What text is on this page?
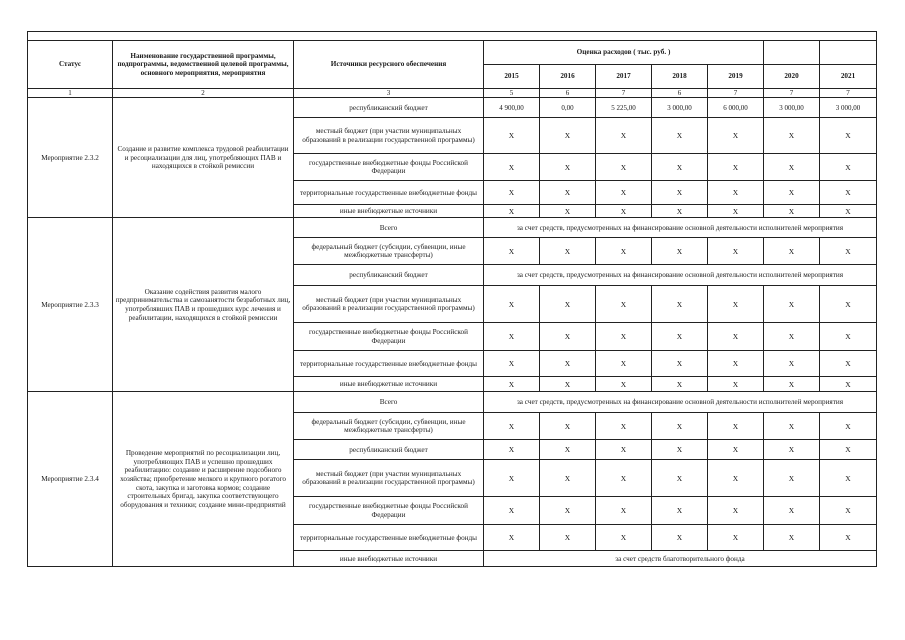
Статус	Наименование государственной программы, подпрограммы, ведомственной целевой программы, основного мероприятия, мероприятия	Источники ресурсного обеспечения	Оценка расходов ( тыс. руб. )						
			2015	2016	2017	2018	2019	2020	2021
1	2	3	5	6	7	6	7	7	7
Мероприятие 2.3.2	Создание и развитие комплекса трудовой реабилитации и ресоциализации для лиц, употребляющих ПАВ и находящихся в стойкой ремиссии	республиканский бюджет	4 900,00	0,00	5 225,00	3 000,00	6 000,00	3 000,00	3 000,00
		местный бюджет (при участии муниципальных образований в реализации государственной программы)	Х	Х	Х	Х	Х	Х	Х
		государственные внебюджетные фонды Российской Федерации	Х	Х	Х	Х	Х	Х	Х
		территориальные государственные внебюджетные фонды	Х	Х	Х	Х	Х	Х	Х
		иные внебюджетные источники	Х	Х	Х	Х	Х	Х	Х
Мероприятие 2.3.3	Оказание содействия развития малого предпринимательства и самозанятости безработных лиц, употреблявших ПАВ и прошедших курс лечения и реабилитации, находящихся в стойкой ремиссии	Всего	за счет средств, предусмотренных на финансирование основной деятельности исполнителей мероприятия						
		федеральный бюджет (субсидии, субвенции, иные межбюджетные трансферты)	Х	Х	Х	Х	Х	Х	Х
		республиканский бюджет	за счет средств, предусмотренных на финансирование основной деятельности исполнителей мероприятия						
		местный бюджет (при участии муниципальных образований в реализации государственной программы)	Х	Х	Х	Х	Х	Х	Х
		государственные внебюджетные фонды Российской Федерации	Х	Х	Х	Х	Х	Х	Х
		территориальные государственные внебюджетные фонды	Х	Х	Х	Х	Х	Х	Х
		иные внебюджетные источники	Х	Х	Х	Х	Х	Х	Х
Мероприятие 2.3.4	Проведение мероприятий по ресоциализации лиц, употребляющих ПАВ и успешно прошедших реабилитацию: создание и расширение подсобного хозяйства; приобретение мелкого и крупного рогатого скота, закупка и заготовка кормов; создание строительных бригад, закупка соответствующего оборудования и техники; создание мини-предприятий	Всего	за счет средств, предусмотренных на финансирование основной деятельности исполнителей мероприятия						
		федеральный бюджет (субсидии, субвенции, иные межбюджетные трансферты)	Х	Х	Х	Х	Х	Х	Х
		республиканский бюджет	Х	Х	Х	Х	Х	Х	Х
		местный бюджет (при участии муниципальных образований в реализации государственной программы)	Х	Х	Х	Х	Х	Х	Х
		государственные внебюджетные фонды Российской Федерации	Х	Х	Х	Х	Х	Х	Х
		территориальные государственные внебюджетные фонды	Х	Х	Х	Х	Х	Х	Х
		иные внебюджетные источники	за счет средств благотворительного фонда						
